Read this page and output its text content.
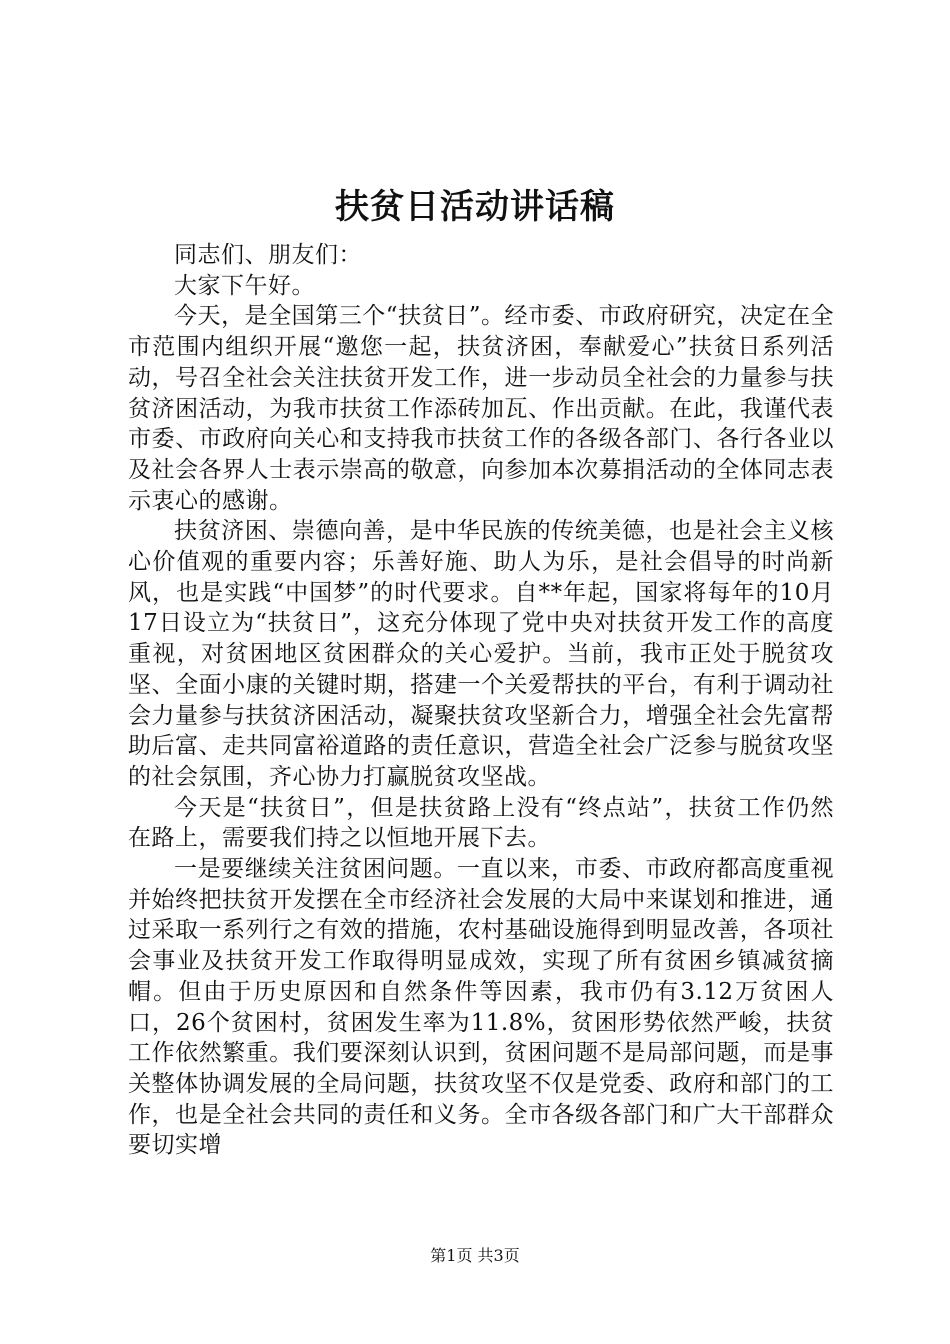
扶贫日活动讲话稿

同志们、朋友们：

大家下午好。

今天，是全国第三个“扶贫日”。经市委、市政府研究，决定在全市范围内组织开展“邀您一起，扶贫济困，奉献爱心”扶贫日系列活动，号召全社会关注扶贫开发工作，进一步动员全社会的力量参与扶贫济困活动，为我市扶贫工作添砖加瓦、作出贡献。在此，我谨代表市委、市政府向关心和支持我市扶贫工作的各级各部门、各行各业以及社会各界人士表示崇高的敬意，向参加本次募捐活动的全体同志表示衷心的感谢。

扶贫济困、崇德向善，是中华民族的传统美德，也是社会主义核心价值观的重要内容；乐善好施、助人为乐，是社会倡导的时尚新风，也是实践“中国梦”的时代要求。自**年起，国家将每年的10月17日设立为“扶贫日”，这充分体现了党中央对扶贫开发工作的高度重视，对贫困地区贫困群众的关心爱护。当前，我市正处于脱贫攻坚、全面小康的关键时期，搭建一个关爱帮扶的平台，有利于调动社会力量参与扶贫济困活动，凝聚扶贫攻坚新合力，增强全社会先富帮助后富、走共同富裕道路的责任意识，营造全社会广泛参与脱贫攻坚的社会氛围，齐心协力打赢脱贫攻坚战。

今天是“扶贫日”，但是扶贫路上没有“终点站”，扶贫工作仍然在路上，需要我们持之以恒地开展下去。

一是要继续关注贫困问题。一直以来，市委、市政府都高度重视并始终把扶贫开发摆在全市经济社会发展的大局中来谋划和推进，通过采取一系列行之有效的措施，农村基础设施得到明显改善，各项社会事业及扶贫开发工作取得明显成效，实现了所有贫困乡镇减贫摘帽。但由于历史原因和自然条件等因素，我市仍有3.12万贫困人口，26个贫困村，贫困发生率为11.8%，贫困形势依然严峻，扶贫工作依然繁重。我们要深刻认识到，贫困问题不是局部问题，而是事关整体协调发展的全局问题，扶贫攻坚不仅是党委、政府和部门的工作，也是全社会共同的责任和义务。全市各级各部门和广大干部群众要切实增

第1页 共3页
